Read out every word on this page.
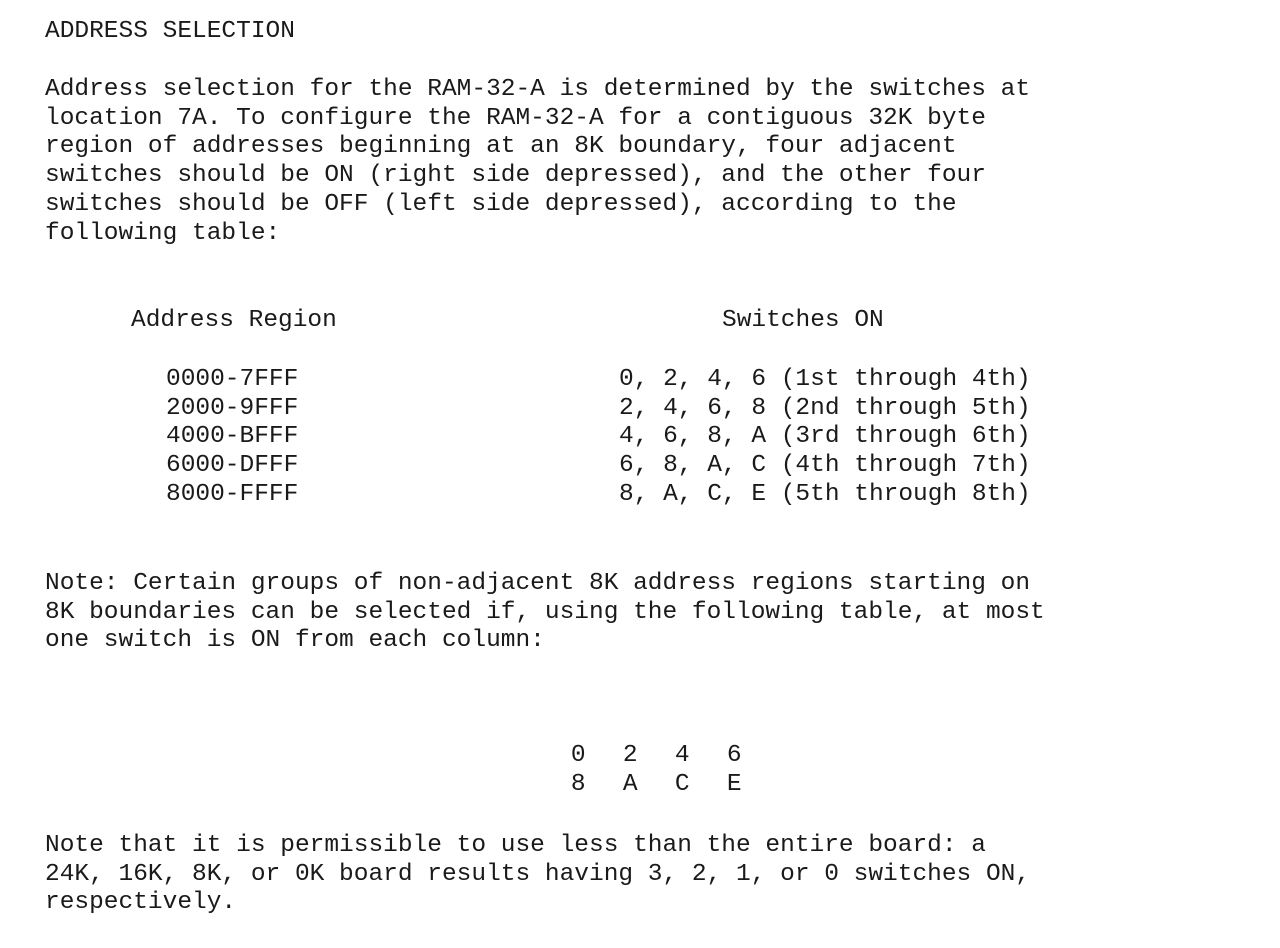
ADDRESS SELECTION
Address selection for the RAM-32-A is determined by the switches at
location 7A. To configure the RAM-32-A for a contiguous 32K byte
region of addresses beginning at an 8K boundary, four adjacent
switches should be ON (right side depressed), and the other four
switches should be OFF (left side depressed), according to the
following table:
Address Region	Switches ON
0000-7FFF	0, 2, 4, 6 (1st through 4th)
2000-9FFF	2, 4, 6, 8 (2nd through 5th)
4000-BFFF	4, 6, 8, A (3rd through 6th)
6000-DFFF	6, 8, A, C (4th through 7th)
8000-FFFF	8, A, C, E (5th through 8th)
Note: Certain groups of non-adjacent 8K address regions starting on
8K boundaries can be selected if, using the following table, at most
one switch is ON from each column:

0 2 4 6

8 A C E

Note that it is permissible to use less than the entire board: a
24K, 16K, 8K, or 0K board results having 3, 2, 1, or 0 switches ON,
respectively.
